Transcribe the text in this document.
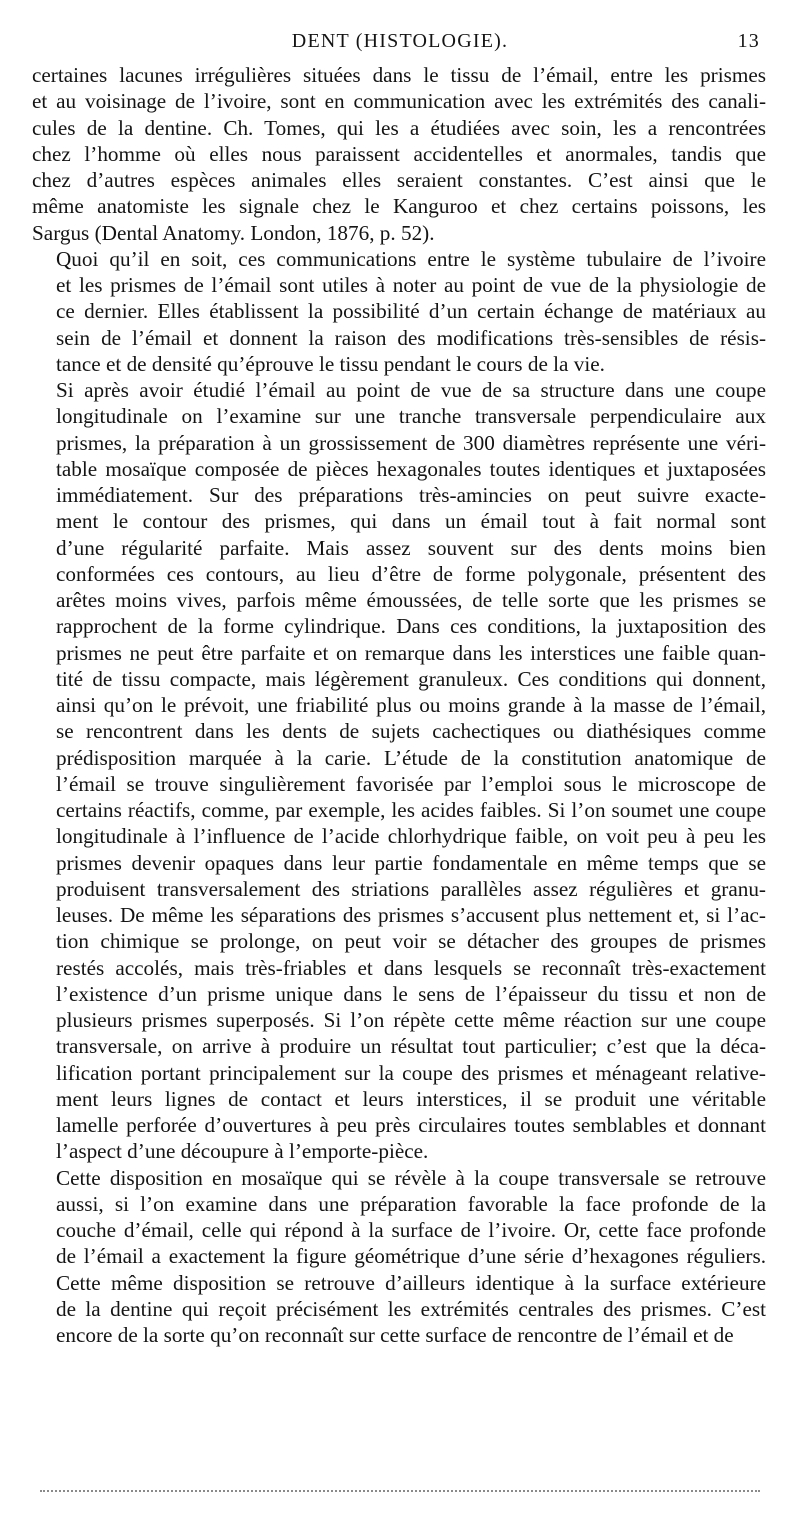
DENT (HISTOLOGIE).	13

certaines lacunes irrégulières situées dans le tissu de l’émail, entre les prismes
et au voisinage de l’ivoire, sont en communication avec les extrémités des canali-
cules de la dentine. Ch. Tomes, qui les a étudiées avec soin, les a rencontrées
chez l’homme où elles nous paraissent accidentelles et anormales, tandis que
chez d’autres espèces animales elles seraient constantes. C’est ainsi que le
même anatomiste les signale chez le Kanguroo et chez certains poissons, les
Sargus (Dental Anatomy. London, 1876, p. 52).

Quoi qu’il en soit, ces communications entre le système tubulaire de l’ivoire
et les prismes de l’émail sont utiles à noter au point de vue de la physiologie de
ce dernier. Elles établissent la possibilité d’un certain échange de matériaux au
sein de l’émail et donnent la raison des modifications très-sensibles de résis-
tance et de densité qu’éprouve le tissu pendant le cours de la vie.

Si après avoir étudié l’émail au point de vue de sa structure dans une coupe
longitudinale on l’examine sur une tranche transversale perpendiculaire aux
prismes, la préparation à un grossissement de 300 diamètres représente une véri-
table mosaïque composée de pièces hexagonales toutes identiques et juxtaposées
immédiatement. Sur des préparations très-amincies on peut suivre exacte-
ment le contour des prismes, qui dans un émail tout à fait normal sont
d’une régularité parfaite. Mais assez souvent sur des dents moins bien
conformées ces contours, au lieu d’être de forme polygonale, présentent des
arêtes moins vives, parfois même émoussées, de telle sorte que les prismes se
rapprochent de la forme cylindrique. Dans ces conditions, la juxtaposition des
prismes ne peut être parfaite et on remarque dans les interstices une faible quan-
tité de tissu compacte, mais légèrement granuleux. Ces conditions qui donnent,
ainsi qu’on le prévoit, une friabilité plus ou moins grande à la masse de l’émail,
se rencontrent dans les dents de sujets cachectiques ou diathésiques comme
prédisposition marquée à la carie. L’étude de la constitution anatomique de
l’émail se trouve singulièrement favorisée par l’emploi sous le microscope de
certains réactifs, comme, par exemple, les acides faibles. Si l’on soumet une coupe
longitudinale à l’influence de l’acide chlorhydrique faible, on voit peu à peu les
prismes devenir opaques dans leur partie fondamentale en même temps que se
produisent transversalement des striations parallèles assez régulières et granu-
leuses. De même les séparations des prismes s’accusent plus nettement et, si l’ac-
tion chimique se prolonge, on peut voir se détacher des groupes de prismes
restés accolés, mais très-friables et dans lesquels se reconnaît très-exactement
l’existence d’un prisme unique dans le sens de l’épaisseur du tissu et non de
plusieurs prismes superposés. Si l’on répète cette même réaction sur une coupe
transversale, on arrive à produire un résultat tout particulier; c’est que la déca-
lification portant principalement sur la coupe des prismes et ménageant relative-
ment leurs lignes de contact et leurs interstices, il se produit une véritable
lamelle perforée d’ouvertures à peu près circulaires toutes semblables et donnant
l’aspect d’une découpure à l’emporte-pièce.

Cette disposition en mosaïque qui se révèle à la coupe transversale se retrouve
aussi, si l’on examine dans une préparation favorable la face profonde de la
couche d’émail, celle qui répond à la surface de l’ivoire. Or, cette face profonde
de l’émail a exactement la figure géométrique d’une série d’hexagones réguliers.
Cette même disposition se retrouve d’ailleurs identique à la surface extérieure
de la dentine qui reçoit précisément les extrémités centrales des prismes. C’est
encore de la sorte qu’on reconnaît sur cette surface de rencontre de l’émail et de
